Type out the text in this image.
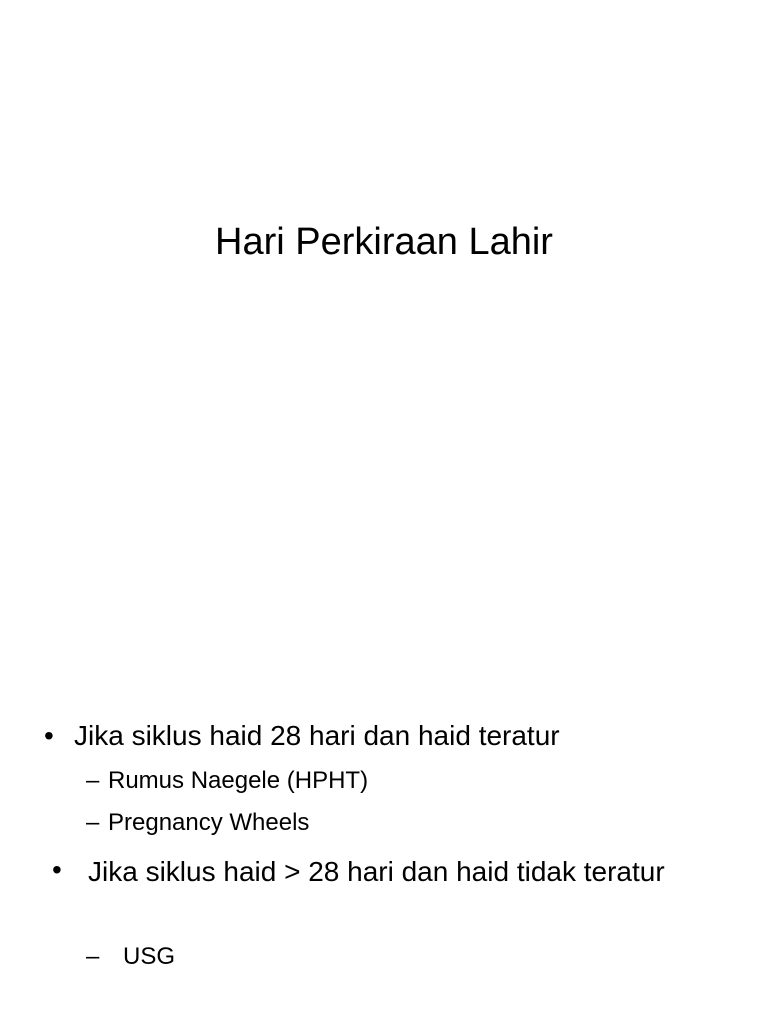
Hari Perkiraan Lahir
• Jika siklus haid 28 hari dan haid teratur
– Rumus Naegele (HPHT)
– Pregnancy Wheels
• Jika siklus haid > 28 hari dan haid tidak teratur
– USG
